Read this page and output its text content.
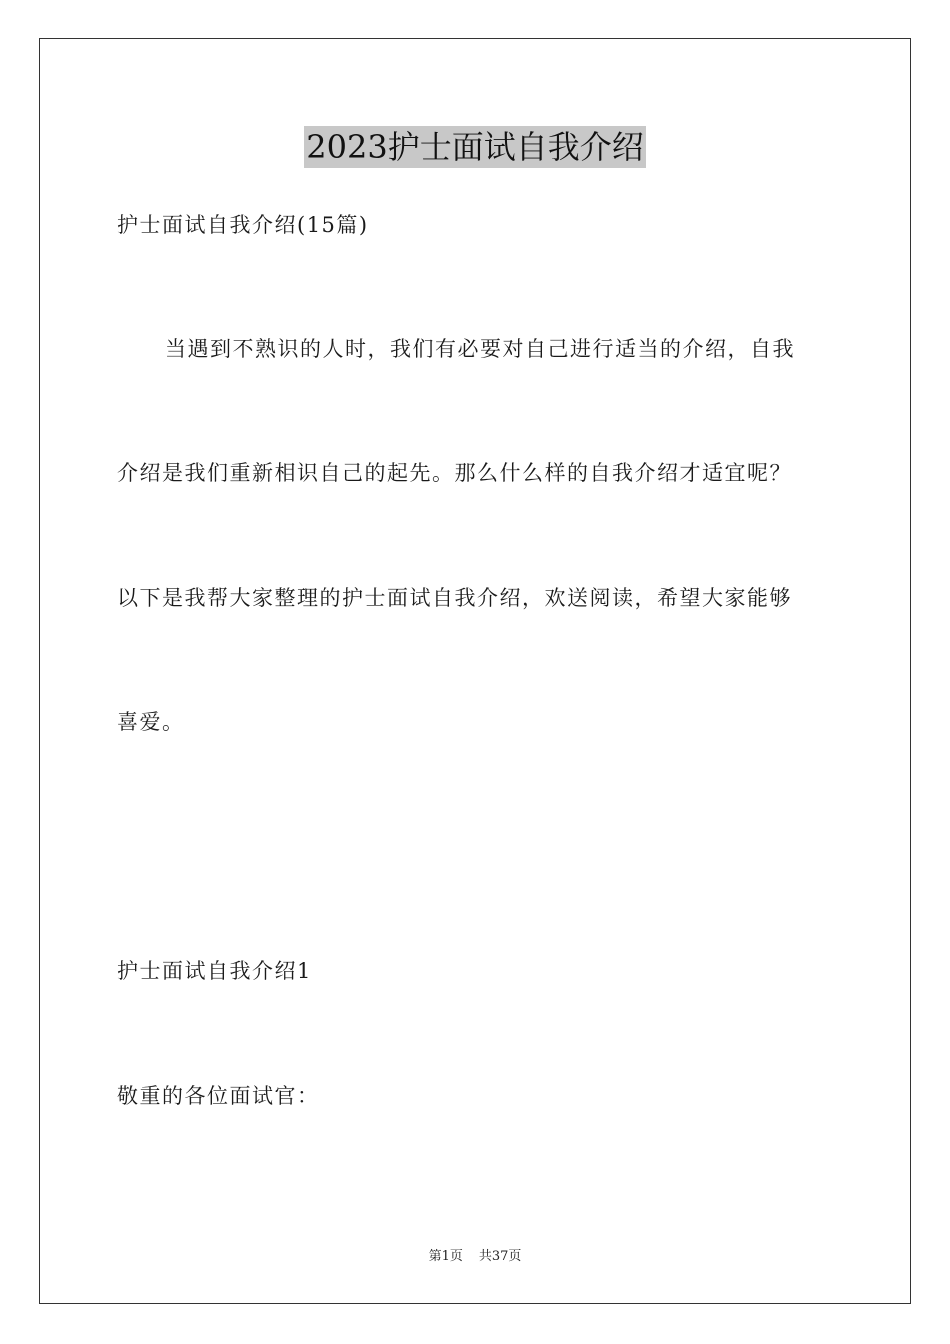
2023护士面试自我介绍
护士面试自我介绍(15篇)
当遇到不熟识的人时，我们有必要对自己进行适当的介绍，自我
介绍是我们重新相识自己的起先。那么什么样的自我介绍才适宜呢？
以下是我帮大家整理的护士面试自我介绍，欢送阅读，希望大家能够
喜爱。
护士面试自我介绍1
敬重的各位面试官：
第1页 共37页
